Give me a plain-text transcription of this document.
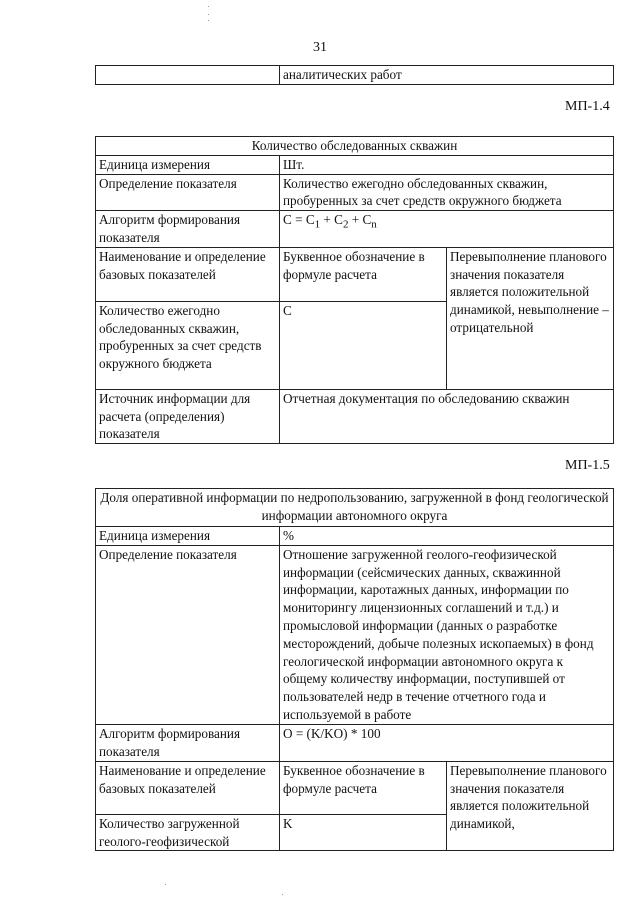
31
	аналитических работ
МП-1.4
Количество обследованных скважин		
Единица измерения	Шт.	
Определение показателя	Количество ежегодно обследованных скважин, пробуренных за счет средств окружного бюджета	
Алгоритм формирования показателя	$C = C_1 + C_2 + C_n$
Наименование и определение базовых показателей	Буквенное обозначение в формуле расчета	Перевыполнение планового значения показателя является положительной динамикой, невыполнение – отрицательной
Количество ежегодно обследованных скважин, пробуренных за счет средств окружного бюджета	C	
Источник информации для расчета (определения) показателя	Отчетная документация по обследованию скважин	
МП-1.5
Доля оперативной информации по недропользованию, загруженной в фонд геологической информации автономного округа		
Единица измерения	%	
Определение показателя	Отношение загруженной геолого-геофизической информации (сейсмических данных, скважинной информации, каротажных данных, информации по мониторингу лицензионных соглашений и т.д.) и промысловой информации (данных о разработке месторождений, добыче полезных ископаемых) в фонд геологической информации автономного округа к общему количеству информации, поступившей от пользователей недр в течение отчетного года и используемой в работе	
Алгоритм формирования показателя	O = (K/KO) * 100	
Наименование и определение базовых показателей	Буквенное обозначение в формуле расчета	Перевыполнение планового значения показателя является положительной динамикой,
Количество загруженной геолого-геофизической	K	
